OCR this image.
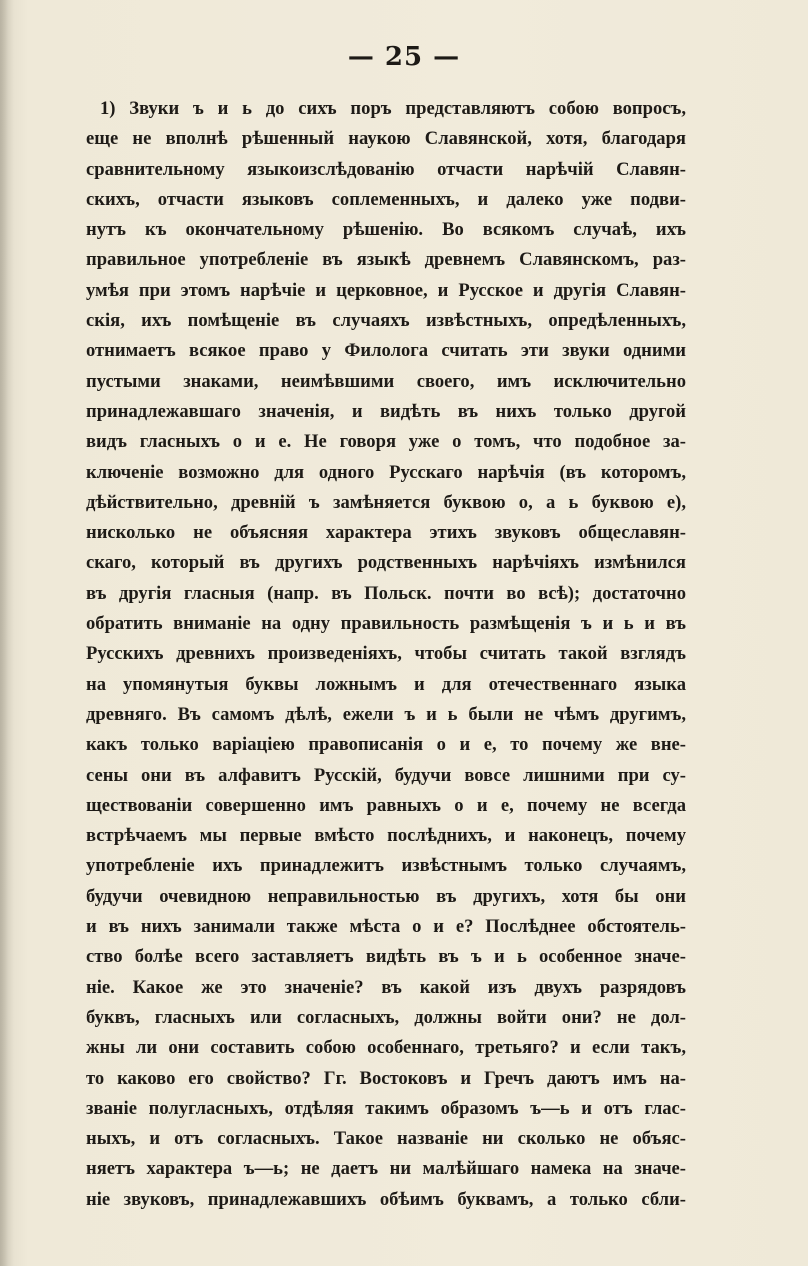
— 25 —
1) Звуки ъ и ь до сихъ поръ представляютъ собою вопросъ,
еще не вполнѣ рѣшенный наукою Славянской, хотя, благодаря
сравнительному языкоизслѣдованію отчасти нарѣчій Славян-
скихъ, отчасти языковъ соплеменныхъ, и далеко уже подви-
нутъ къ окончательному рѣшенію. Во всякомъ случаѣ, ихъ
правильное употребленіе въ языкѣ древнемъ Славянскомъ, раз-
умѣя при этомъ нарѣчіе и церковное, и Русское и другія Славян-
скія, ихъ помѣщеніе въ случаяхъ извѣстныхъ, опредѣленныхъ,
отнимаетъ всякое право у Филолога считать эти звуки одними
пустыми знаками, неимѣвшими своего, имъ исключительно
принадлежавшаго значенія, и видѣть въ нихъ только другой
видъ гласныхъ о и е. Не говоря уже о томъ, что подобное за-
ключеніе возможно для одного Русскаго нарѣчія (въ которомъ,
дѣйствительно, древній ъ замѣняется буквою о, а ь буквою е),
нисколько не объясняя характера этихъ звуковъ общеславян-
скаго, который въ другихъ родственныхъ нарѣчіяхъ измѣнился
въ другія гласныя (напр. въ Польск. почти во всѣ); достаточно
обратить вниманіе на одну правильность размѣщенія ъ и ь и въ
Русскихъ древнихъ произведеніяхъ, чтобы считать такой взглядъ
на упомянутыя буквы ложнымъ и для отечественнаго языка
древняго. Въ самомъ дѣлѣ, ежели ъ и ь были не чѣмъ другимъ,
какъ только варіаціею правописанія о и е, то почему же вне-
сены они въ алфавитъ Русскій, будучи вовсе лишними при су-
ществованіи совершенно имъ равныхъ о и е, почему не всегда
встрѣчаемъ мы первые вмѣсто послѣднихъ, и наконецъ, почему
употребленіе ихъ принадлежитъ извѣстнымъ только случаямъ,
будучи очевидною неправильностью въ другихъ, хотя бы они
и въ нихъ занимали также мѣста о и е? Послѣднее обстоятель-
ство болѣе всего заставляетъ видѣть въ ъ и ь особенное значе-
ніе. Какое же это значеніе? въ какой изъ двухъ разрядовъ
буквъ, гласныхъ или согласныхъ, должны войти они? не дол-
жны ли они составить собою особеннаго, третьяго? и если такъ,
то каково его свойство? Гг. Востоковъ и Гречъ даютъ имъ на-
званіе полугласныхъ, отдѣляя такимъ образомъ ъ—ь и отъ глас-
ныхъ, и отъ согласныхъ. Такое названіе ни сколько не объяс-
няетъ характера ъ—ь; не даетъ ни малѣйшаго намека на значе-
ніе звуковъ, принадлежавшихъ обѣимъ буквамъ, а только сбли-
